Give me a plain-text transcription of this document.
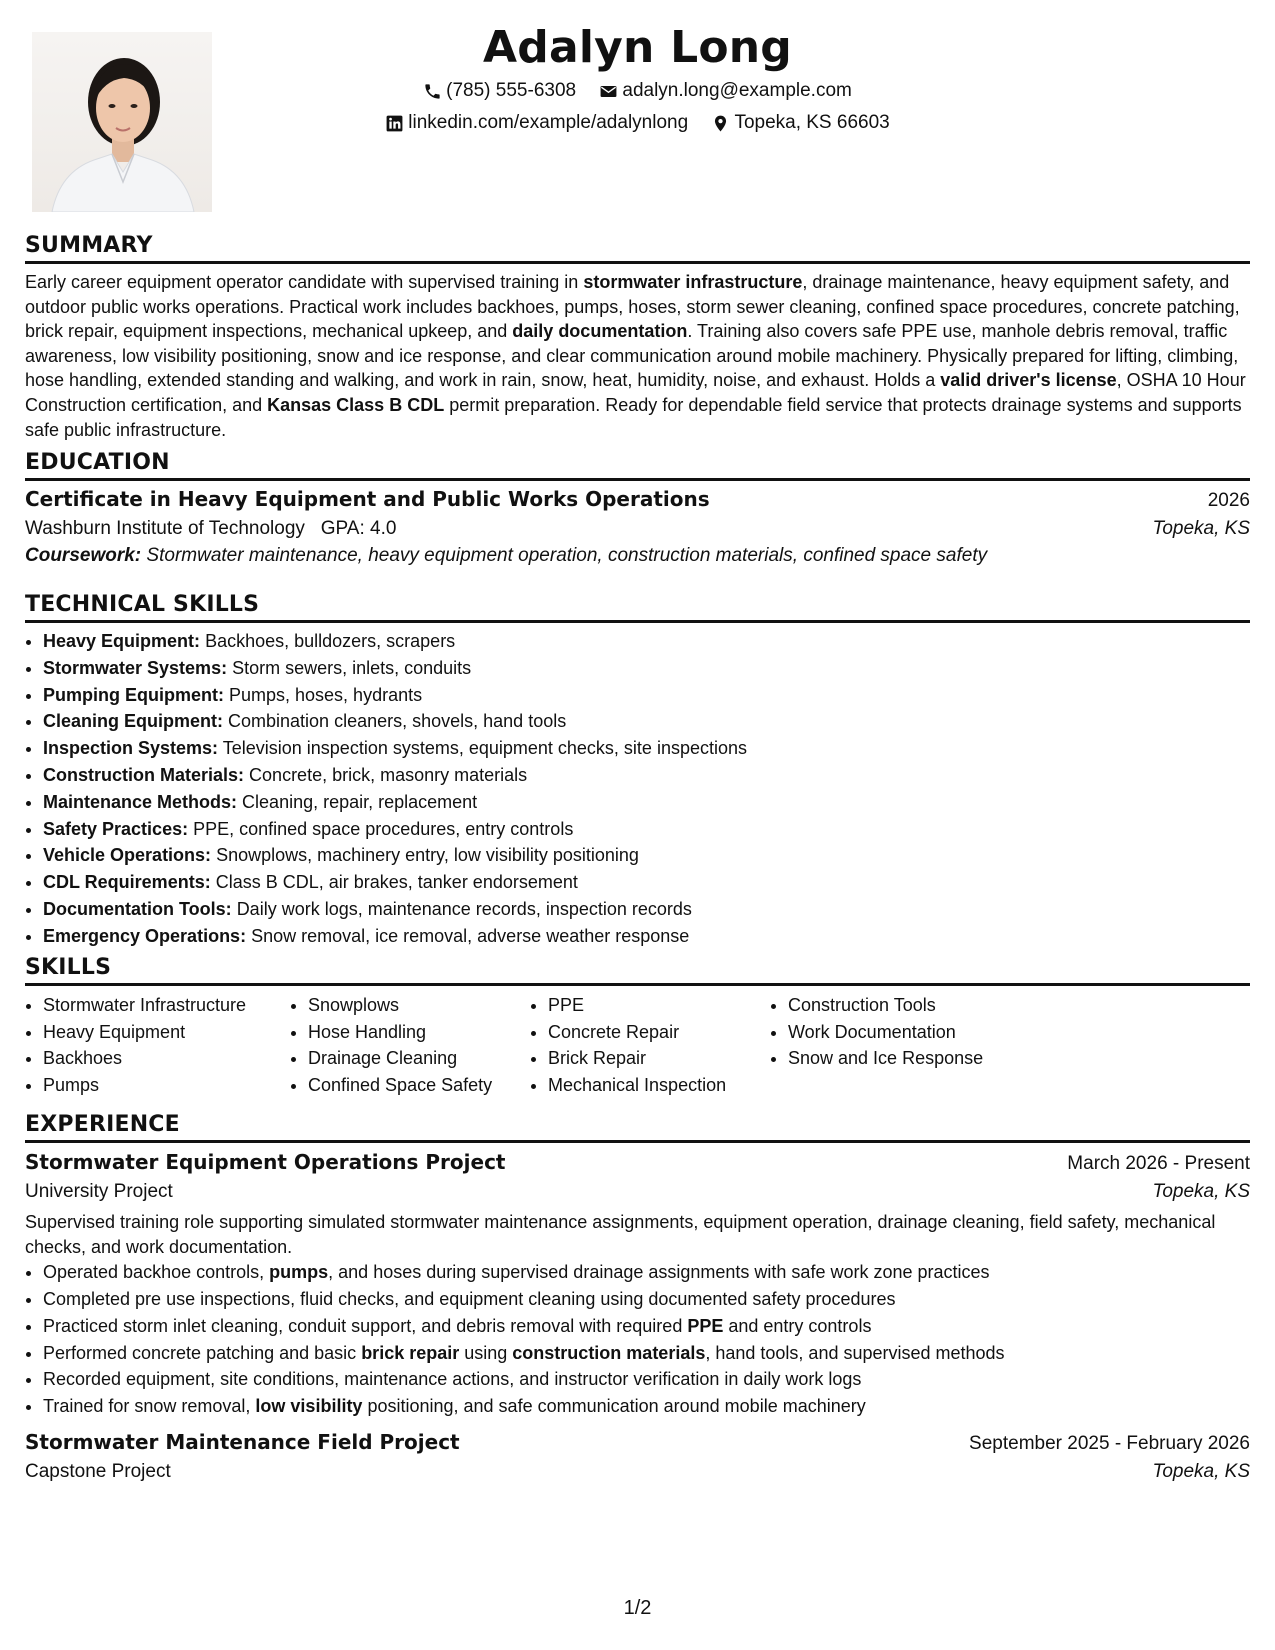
Adalyn Long
(785) 555-6308
adalyn.long@example.com
linkedin.com/example/adalynlong
Topeka, KS 66603
SUMMARY
Early career equipment operator candidate with supervised training in stormwater infrastructure, drainage maintenance, heavy equipment safety, and outdoor public works operations. Practical work includes backhoes, pumps, hoses, storm sewer cleaning, confined space procedures, concrete patching, brick repair, equipment inspections, mechanical upkeep, and daily documentation. Training also covers safe PPE use, manhole debris removal, traffic awareness, low visibility positioning, snow and ice response, and clear communication around mobile machinery. Physically prepared for lifting, climbing, hose handling, extended standing and walking, and work in rain, snow, heat, humidity, noise, and exhaust. Holds a valid driver's license, OSHA 10 Hour Construction certification, and Kansas Class B CDL permit preparation. Ready for dependable field service that protects drainage systems and supports safe public infrastructure.
EDUCATION
Certificate in Heavy Equipment and Public Works Operations	2026
Washburn Institute of Technology GPA: 4.0	Topeka, KS
Coursework: Stormwater maintenance, heavy equipment operation, construction materials, confined space safety
TECHNICAL SKILLS
• Heavy Equipment: Backhoes, bulldozers, scrapers
• Stormwater Systems: Storm sewers, inlets, conduits
• Pumping Equipment: Pumps, hoses, hydrants
• Cleaning Equipment: Combination cleaners, shovels, hand tools
• Inspection Systems: Television inspection systems, equipment checks, site inspections
• Construction Materials: Concrete, brick, masonry materials
• Maintenance Methods: Cleaning, repair, replacement
• Safety Practices: PPE, confined space procedures, entry controls
• Vehicle Operations: Snowplows, machinery entry, low visibility positioning
• CDL Requirements: Class B CDL, air brakes, tanker endorsement
• Documentation Tools: Daily work logs, maintenance records, inspection records
• Emergency Operations: Snow removal, ice removal, adverse weather response
SKILLS
• Stormwater Infrastructure
• Heavy Equipment
• Backhoes
• Pumps
• Snowplows
• Hose Handling
• Drainage Cleaning
• Confined Space Safety
• PPE
• Concrete Repair
• Brick Repair
• Mechanical Inspection
• Construction Tools
• Work Documentation
• Snow and Ice Response
EXPERIENCE
Stormwater Equipment Operations Project	March 2026 - Present
University Project	Topeka, KS
Supervised training role supporting simulated stormwater maintenance assignments, equipment operation, drainage cleaning, field safety, mechanical checks, and work documentation.
• Operated backhoe controls, pumps, and hoses during supervised drainage assignments with safe work zone practices
• Completed pre use inspections, fluid checks, and equipment cleaning using documented safety procedures
• Practiced storm inlet cleaning, conduit support, and debris removal with required PPE and entry controls
• Performed concrete patching and basic brick repair using construction materials, hand tools, and supervised methods
• Recorded equipment, site conditions, maintenance actions, and instructor verification in daily work logs
• Trained for snow removal, low visibility positioning, and safe communication around mobile machinery
Stormwater Maintenance Field Project	September 2025 - February 2026
Capstone Project	Topeka, KS
1/2
